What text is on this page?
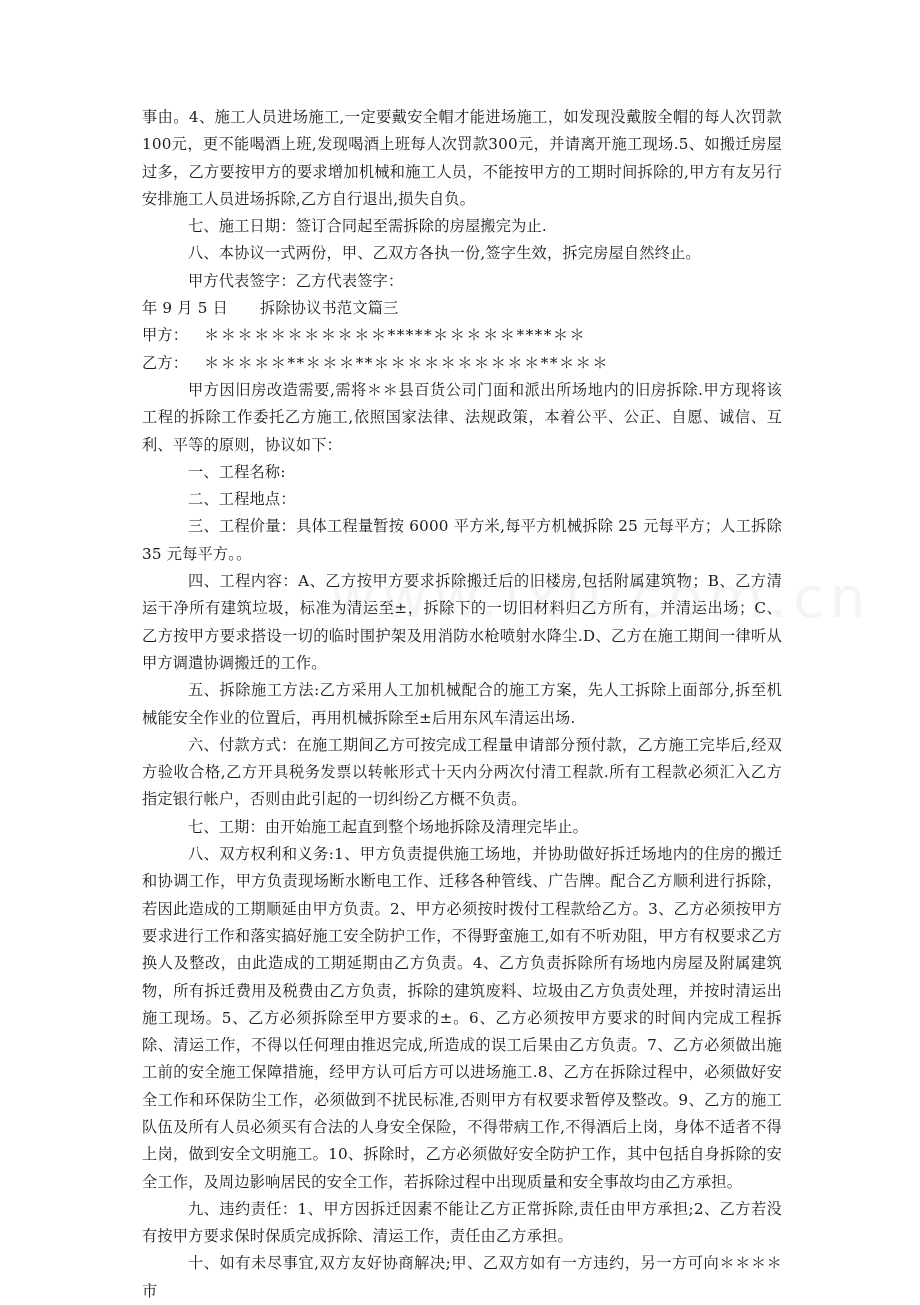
事由。4、施工人员进场施工,一定要戴安全帽才能进场施工，如发现没戴胺全帽的每人次罚款100元，更不能喝酒上班,发现喝酒上班每人次罚款300元，并请离开施工现场.5、如搬迁房屋过多，乙方要按甲方的要求增加机械和施工人员，不能按甲方的工期时间拆除的,甲方有友另行安排施工人员进场拆除,乙方自行退出,损失自负。

七、施工日期：签订合同起至需拆除的房屋搬完为止.

八、本协议一式两份，甲、乙双方各执一份,签字生效，拆完房屋自然终止。

甲方代表签字：乙方代表签字：

年 9 月 5 日 拆除协议书范文篇三

甲方： ＊＊＊＊＊＊＊＊＊＊＊*****＊＊＊＊＊****＊＊

乙方： ＊＊＊＊＊**＊＊＊**＊＊＊＊＊＊＊＊＊＊**＊＊＊

甲方因旧房改造需要,需将＊＊县百货公司门面和派出所场地内的旧房拆除.甲方现将该工程的拆除工作委托乙方施工,依照国家法律、法规政策，本着公平、公正、自愿、诚信、互利、平等的原则，协议如下：

一、工程名称:

二、工程地点：

三、工程价量：具体工程量暂按 6000 平方米,每平方机械拆除 25 元每平方；人工拆除 35 元每平方。。

四、工程内容：A、乙方按甲方要求拆除搬迁后的旧楼房,包括附属建筑物；B、乙方清运干净所有建筑垃圾，标准为清运至±，拆除下的一切旧材料归乙方所有，并清运出场；C、乙方按甲方要求搭设一切的临时围护架及用消防水枪喷射水降尘.D、乙方在施工期间一律听从甲方调遣协调搬迁的工作。

五、拆除施工方法:乙方采用人工加机械配合的施工方案，先人工拆除上面部分,拆至机械能安全作业的位置后，再用机械拆除至±后用东风车清运出场.

六、付款方式：在施工期间乙方可按完成工程量申请部分预付款，乙方施工完毕后,经双方验收合格,乙方开具税务发票以转帐形式十天内分两次付清工程款.所有工程款必须汇入乙方指定银行帐户，否则由此引起的一切纠纷乙方概不负责。

七、工期：由开始施工起直到整个场地拆除及清理完毕止。

八、双方权利和义务:1、甲方负责提供施工场地，并协助做好拆迁场地内的住房的搬迁和协调工作，甲方负责现场断水断电工作、迁移各种管线、广告牌。配合乙方顺利进行拆除，若因此造成的工期顺延由甲方负责。2、甲方必须按时拨付工程款给乙方。3、乙方必须按甲方要求进行工作和落实搞好施工安全防护工作，不得野蛮施工,如有不听劝阻，甲方有权要求乙方换人及整改，由此造成的工期延期由乙方负责。4、乙方负责拆除所有场地内房屋及附属建筑物，所有拆迁费用及税费由乙方负责，拆除的建筑废料、垃圾由乙方负责处理，并按时清运出施工现场。5、乙方必须拆除至甲方要求的±。6、乙方必须按甲方要求的时间内完成工程拆除、清运工作，不得以任何理由推迟完成,所造成的误工后果由乙方负责。7、乙方必须做出施工前的安全施工保障措施，经甲方认可后方可以进场施工.8、乙方在拆除过程中，必须做好安全工作和环保防尘工作，必须做到不扰民标准,否则甲方有权要求暂停及整改。9、乙方的施工队伍及所有人员必须买有合法的人身安全保险，不得带病工作,不得酒后上岗，身体不适者不得上岗，做到安全文明施工。10、拆除时，乙方必须做好安全防护工作，其中包括自身拆除的安全工作，及周边影响居民的安全工作，若拆除过程中出现质量和安全事故均由乙方承担。

九、违约责任：1、甲方因拆迁因素不能让乙方正常拆除,责任由甲方承担;2、乙方若没有按甲方要求保时保质完成拆除、清运工作，责任由乙方承担。

十、如有未尽事宜,双方友好协商解决;甲、乙双方如有一方违约，另一方可向＊＊＊＊市
